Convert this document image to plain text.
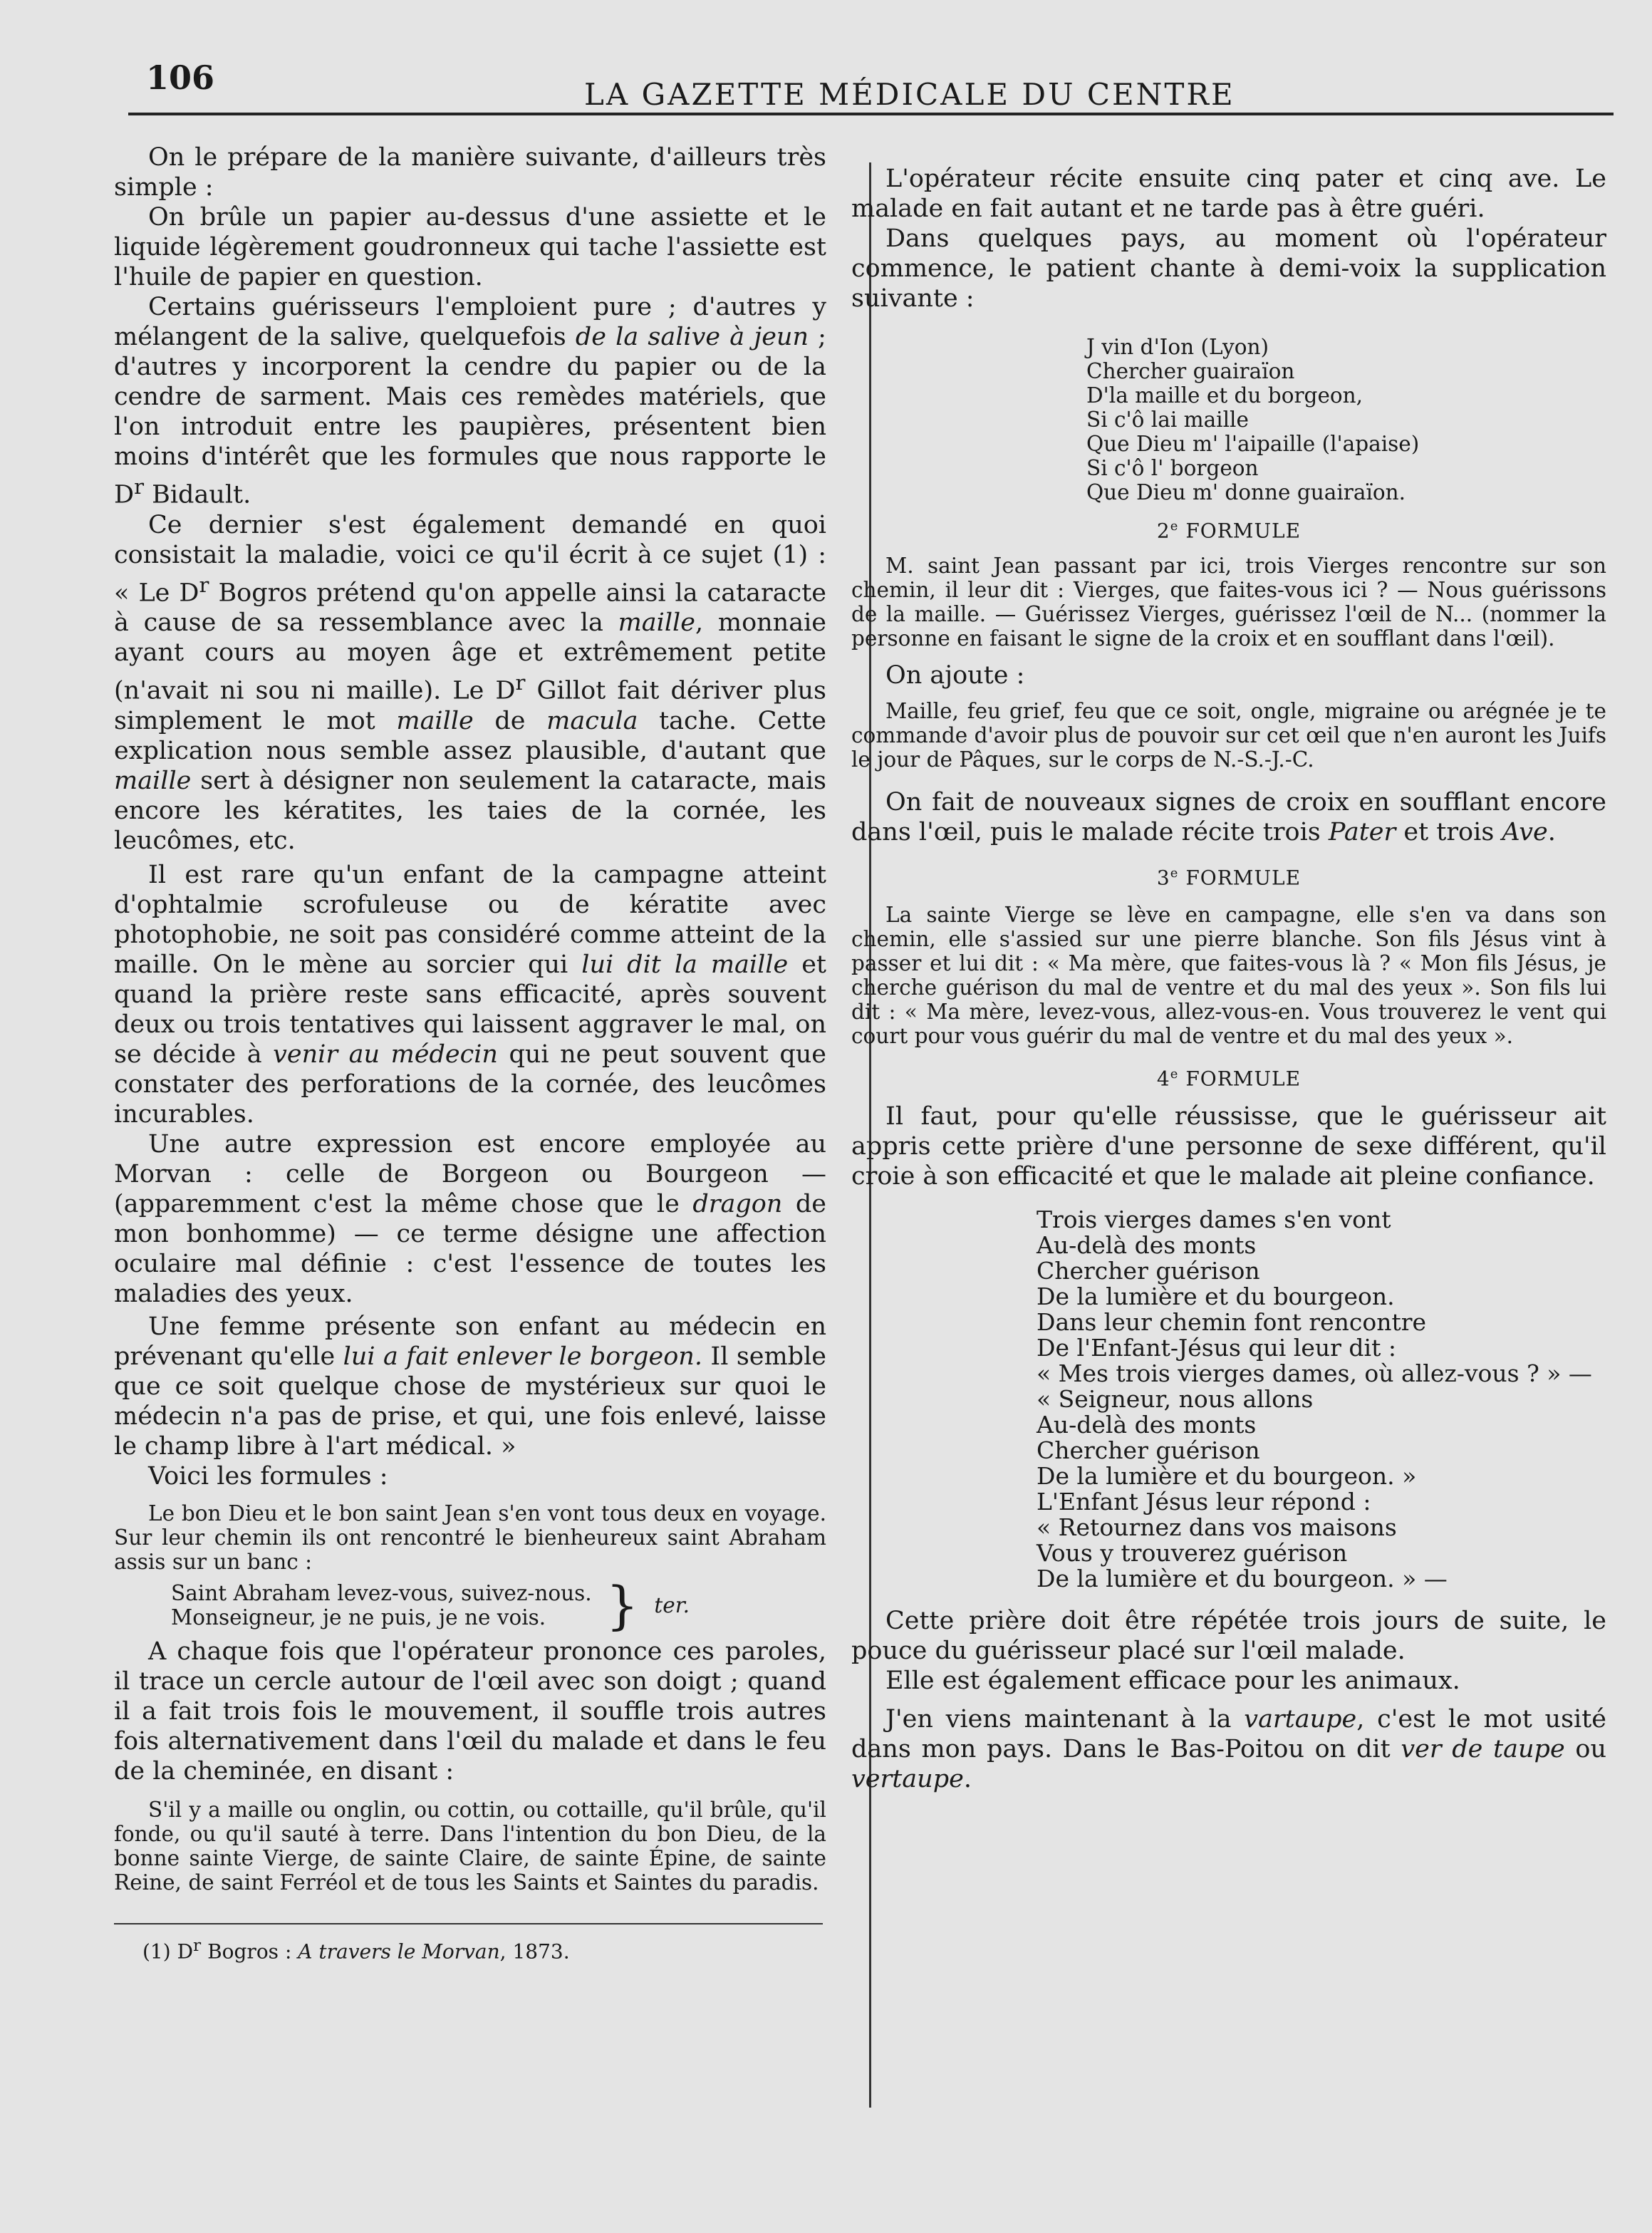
106	LA GAZETTE MÉDICALE DU CENTRE

On le prépare de la manière suivante, d'ailleurs très simple :

On brûle un papier au-dessus d'une assiette et le liquide légèrement goudronneux qui tache l'assiette est l'huile de papier en question.

Certains guérisseurs l'emploient pure ; d'autres y mélangent de la salive, quelquefois de la salive à jeun ; d'autres y incorporent la cendre du papier ou de la cendre de sarment. Mais ces remèdes matériels, que l'on introduit entre les paupières, présentent bien moins d'intérêt que les formules que nous rapporte le $D^r$ Bidault.

Ce dernier s'est également demandé en quoi consistait la maladie, voici ce qu'il écrit à ce sujet (1) : « Le $D^r$ Bogros prétend qu'on appelle ainsi la cataracte à cause de sa ressemblance avec la maille, monnaie ayant cours au moyen âge et extrêmement petite (n'avait ni sou ni maille). Le $D^r$ Gillot fait dériver plus simplement le mot maille de macula tache. Cette explication nous semble assez plausible, d'autant que maille sert à désigner non seulement la cataracte, mais encore les kératites, les taies de la cornée, les leucômes, etc.

Il est rare qu'un enfant de la campagne atteint d'ophtalmie scrofuleuse ou de kératite avec photophobie, ne soit pas considéré comme atteint de la maille. On le mène au sorcier qui lui dit la maille et quand la prière reste sans efficacité, après souvent deux ou trois tentatives qui laissent aggraver le mal, on se décide à venir au médecin qui ne peut souvent que constater des perforations de la cornée, des leucômes incurables.

Une autre expression est encore employée au Morvan : celle de Borgeon ou Bourgeon — (apparemment c'est la même chose que le dragon de mon bonhomme) — ce terme désigne une affection oculaire mal définie : c'est l'essence de toutes les maladies des yeux.

Une femme présente son enfant au médecin en prévenant qu'elle lui a fait enlever le borgeon. Il semble que ce soit quelque chose de mystérieux sur quoi le médecin n'a pas de prise, et qui, une fois enlevé, laisse le champ libre à l'art médical. »

Voici les formules :

Le bon Dieu et le bon saint Jean s'en vont tous deux en voyage. Sur leur chemin ils ont rencontré le bienheureux saint Abraham assis sur un banc :

Saint Abraham levez-vous, suivez-nous.
Monseigneur, je ne puis, je ne vois.	} ter.

A chaque fois que l'opérateur prononce ces paroles, il trace un cercle autour de l'œil avec son doigt ; quand il a fait trois fois le mouvement, il souffle trois autres fois alternativement dans l'œil du malade et dans le feu de la cheminée, en disant :

S'il y a maille ou onglin, ou cottin, ou cottaille, qu'il brûle, qu'il fonde, ou qu'il sauté à terre. Dans l'intention du bon Dieu, de la bonne sainte Vierge, de sainte Claire, de sainte Épine, de sainte Reine, de saint Ferréol et de tous les Saints et Saintes du paradis.

(1) $D^r$ Bogros : A travers le Morvan, 1873.

L'opérateur récite ensuite cinq pater et cinq ave. Le malade en fait autant et ne tarde pas à être guéri.

Dans quelques pays, au moment où l'opérateur commence, le patient chante à demi-voix la supplication suivante :

J vin d'Ion (Lyon)
Chercher guairaïon
D'la maille et du borgeon,
Si c'ô lai maille
Que Dieu m' l'aipaille (l'apaise)
Si c'ô l' borgeon
Que Dieu m' donne guairaïon.

2e FORMULE

M. saint Jean passant par ici, trois Vierges rencontre sur son chemin, il leur dit : Vierges, que faites-vous ici ? — Nous guérissons de la maille. — Guérissez Vierges, guérissez l'œil de N... (nommer la personne en faisant le signe de la croix et en soufflant dans l'œil).

On ajoute :

Maille, feu grief, feu que ce soit, ongle, migraine ou arégnée je te commande d'avoir plus de pouvoir sur cet œil que n'en auront les Juifs le jour de Pâques, sur le corps de N.-S.-J.-C.

On fait de nouveaux signes de croix en soufflant encore dans l'œil, puis le malade récite trois Pater et trois Ave.

3e FORMULE

La sainte Vierge se lève en campagne, elle s'en va dans son chemin, elle s'assied sur une pierre blanche. Son fils Jésus vint à passer et lui dit : « Ma mère, que faites-vous là ? « Mon fils Jésus, je cherche guérison du mal de ventre et du mal des yeux ». Son fils lui dit : « Ma mère, levez-vous, allez-vous-en. Vous trouverez le vent qui court pour vous guérir du mal de ventre et du mal des yeux ».

4e FORMULE

Il faut, pour qu'elle réussisse, que le guérisseur ait appris cette prière d'une personne de sexe différent, qu'il croie à son efficacité et que le malade ait pleine confiance.

Trois vierges dames s'en vont
Au-delà des monts
Chercher guérison
De la lumière et du bourgeon.
Dans leur chemin font rencontre
De l'Enfant-Jésus qui leur dit :
« Mes trois vierges dames, où allez-vous ? » —
« Seigneur, nous allons
Au-delà des monts
Chercher guérison
De la lumière et du bourgeon. »
L'Enfant Jésus leur répond :
« Retournez dans vos maisons
Vous y trouverez guérison
De la lumière et du bourgeon. » —

Cette prière doit être répétée trois jours de suite, le pouce du guérisseur placé sur l'œil malade.

Elle est également efficace pour les animaux.

J'en viens maintenant à la vartaupe, c'est le mot usité dans mon pays. Dans le Bas-Poitou on dit ver de taupe ou vertaupe.
